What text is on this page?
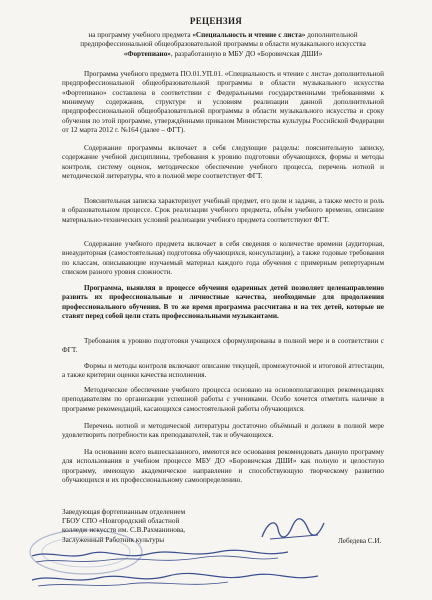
РЕЦЕНЗИЯ
на программу учебного предмета «Специальность и чтение с листа» дополнительной предпрофессиональной общеобразовательной программы в области музыкального искусства «Фортепиано», разработанную в МБУ ДО «Боровичская ДШИ»

Программа учебного предмета ПО.01.УП.01. «Специальность и чтение с листа» дополнительной предпрофессиональной общеобразовательной программы в области музыкального искусства «Фортепиано» составлена в соответствии с Федеральными государственными требованиями к минимуму содержания, структуре и условиям реализации данной дополнительной предпрофессиональной общеобразовательной программы в области музыкального искусства и сроку обучения по этой программе, утверждёнными приказом Министерства культуры Российской Федерации от 12 марта 2012 г. №164 (далее – ФГТ).

Содержание программы включает в себя следующие разделы: пояснительную записку, содержание учебной дисциплины, требования к уровню подготовки обучающихся, формы и методы контроля, систему оценок, методическое обеспечение учебного процесса, перечень нотной и методической литературы, что в полной мере соответствует ФГТ.

Пояснительная записка характеризует учебный предмет, его цели и задачи, а также место и роль в образовательном процессе. Срок реализации учебного предмета, объём учебного времени, описание материально-технических условий реализации учебного предмета соответствуют ФГТ.

Содержание учебного предмета включает в себя сведения о количестве времени (аудиторная, внеаудиторная (самостоятельная) подготовка обучающихся, консультации), а также годовые требования по классам, описывающие изучаемый материал каждого года обучения с примерным репертуарным списком разного уровня сложности.

Программа, выявляя в процессе обучения одаренных детей позволяет целенаправленно развить их профессиональные и личностные качества, необходимые для продолжения профессионального обучения. В то же время программа рассчитана и на тех детей, которые не ставят перед собой цели стать профессиональными музыкантами.

Требования к уровню подготовки учащихся сформулированы в полной мере и в соответствии с ФГТ.

Формы и методы контроля включают описание текущей, промежуточной и итоговой аттестации, а также критерии оценки качества исполнения.

Методическое обеспечение учебного процесса основано на основополагающих рекомендациях преподавателям по организации успешной работы с учениками. Особо хочется отметить наличие в программе рекомендаций, касающихся самостоятельной работы обучающихся.

Перечень нотной и методической литературы достаточно объёмный и должен в полной мере удовлетворить потребности как преподавателей, так и обучающихся.

На основании всего вышесказанного, имеются все основания рекомендовать данную программу для использования в учебном процессе МБУ ДО «Боровичская ДШИ» как полную и целостную программу, имеющую академическое направление и способствующую творческому развитию обучающихся и их профессиональному самоопределению.

Заведующая фортепианным отделением
ГБОУ СПО «Новгородский областной
колледж искусств им. С.В.Рахманинова,
Заслуженный Работник культуры	Лебедева С.И.
